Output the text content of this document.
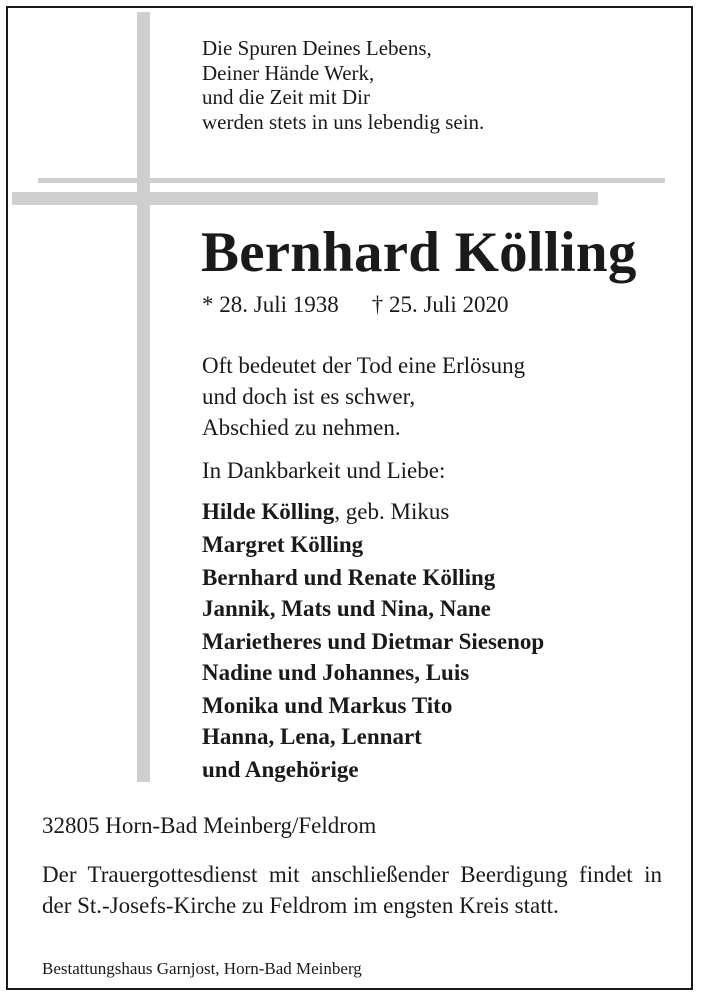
Die Spuren Deines Lebens,
Deiner Hände Werk,
und die Zeit mit Dir
werden stets in uns lebendig sein.
Bernhard Kölling
* 28. Juli 1938 † 25. Juli 2020
Oft bedeutet der Tod eine Erlösung
und doch ist es schwer,
Abschied zu nehmen.
In Dankbarkeit und Liebe:
Hilde Kölling, geb. Mikus
Margret Kölling
Bernhard und Renate Kölling
Jannik, Mats und Nina, Nane
Marietheres und Dietmar Siesenop
Nadine und Johannes, Luis
Monika und Markus Tito
Hanna, Lena, Lennart
und Angehörige
32805 Horn-Bad Meinberg/Feldrom
Der Trauergottesdienst mit anschließender Beerdigung findet in der St.-Josefs-Kirche zu Feldrom im engsten Kreis statt.
Bestattungshaus Garnjost, Horn-Bad Meinberg
